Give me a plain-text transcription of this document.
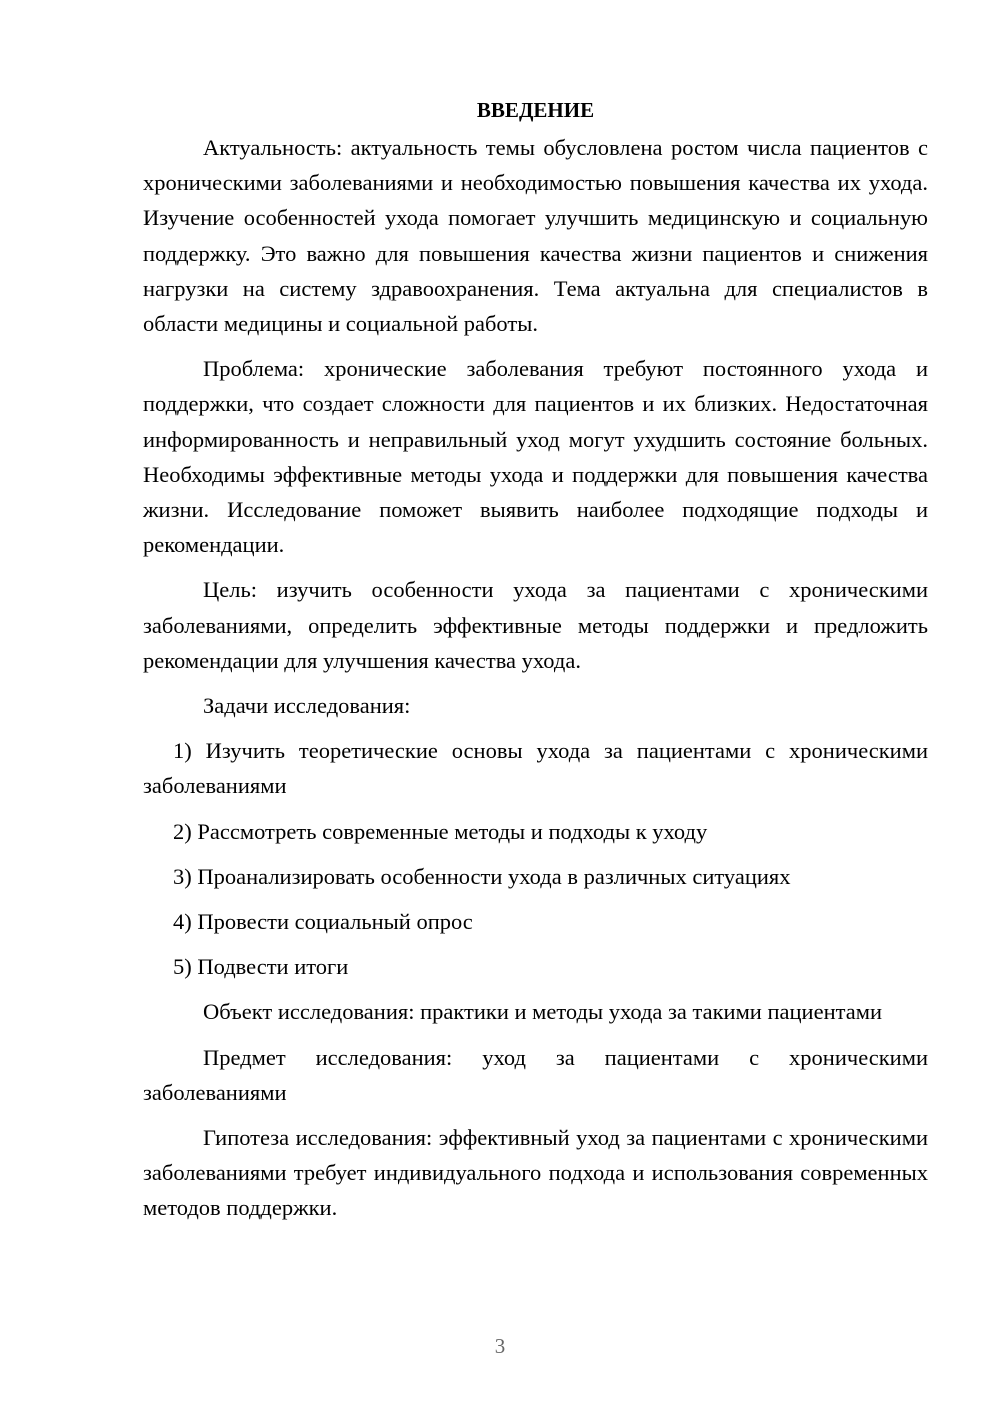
ВВЕДЕНИЕ

Актуальность: актуальность темы обусловлена ростом числа пациентов с хроническими заболеваниями и необходимостью повышения качества их ухода. Изучение особенностей ухода помогает улучшить медицинскую и социальную поддержку. Это важно для повышения качества жизни пациентов и снижения нагрузки на систему здравоохранения. Тема актуальна для специалистов в области медицины и социальной работы.

Проблема: хронические заболевания требуют постоянного ухода и поддержки, что создает сложности для пациентов и их близких. Недостаточная информированность и неправильный уход могут ухудшить состояние больных. Необходимы эффективные методы ухода и поддержки для повышения качества жизни. Исследование поможет выявить наиболее подходящие подходы и рекомендации.

Цель: изучить особенности ухода за пациентами с хроническими заболеваниями, определить эффективные методы поддержки и предложить рекомендации для улучшения качества ухода.

Задачи исследования:

1) Изучить теоретические основы ухода за пациентами с хроническими заболеваниями

2) Рассмотреть современные методы и подходы к уходу

3) Проанализировать особенности ухода в различных ситуациях

4) Провести социальный опрос

5) Подвести итоги

Объект исследования: практики и методы ухода за такими пациентами

Предмет исследования: уход за пациентами с хроническими заболеваниями

Гипотеза исследования: эффективный уход за пациентами с хроническими заболеваниями требует индивидуального подхода и использования современных методов поддержки.

3
